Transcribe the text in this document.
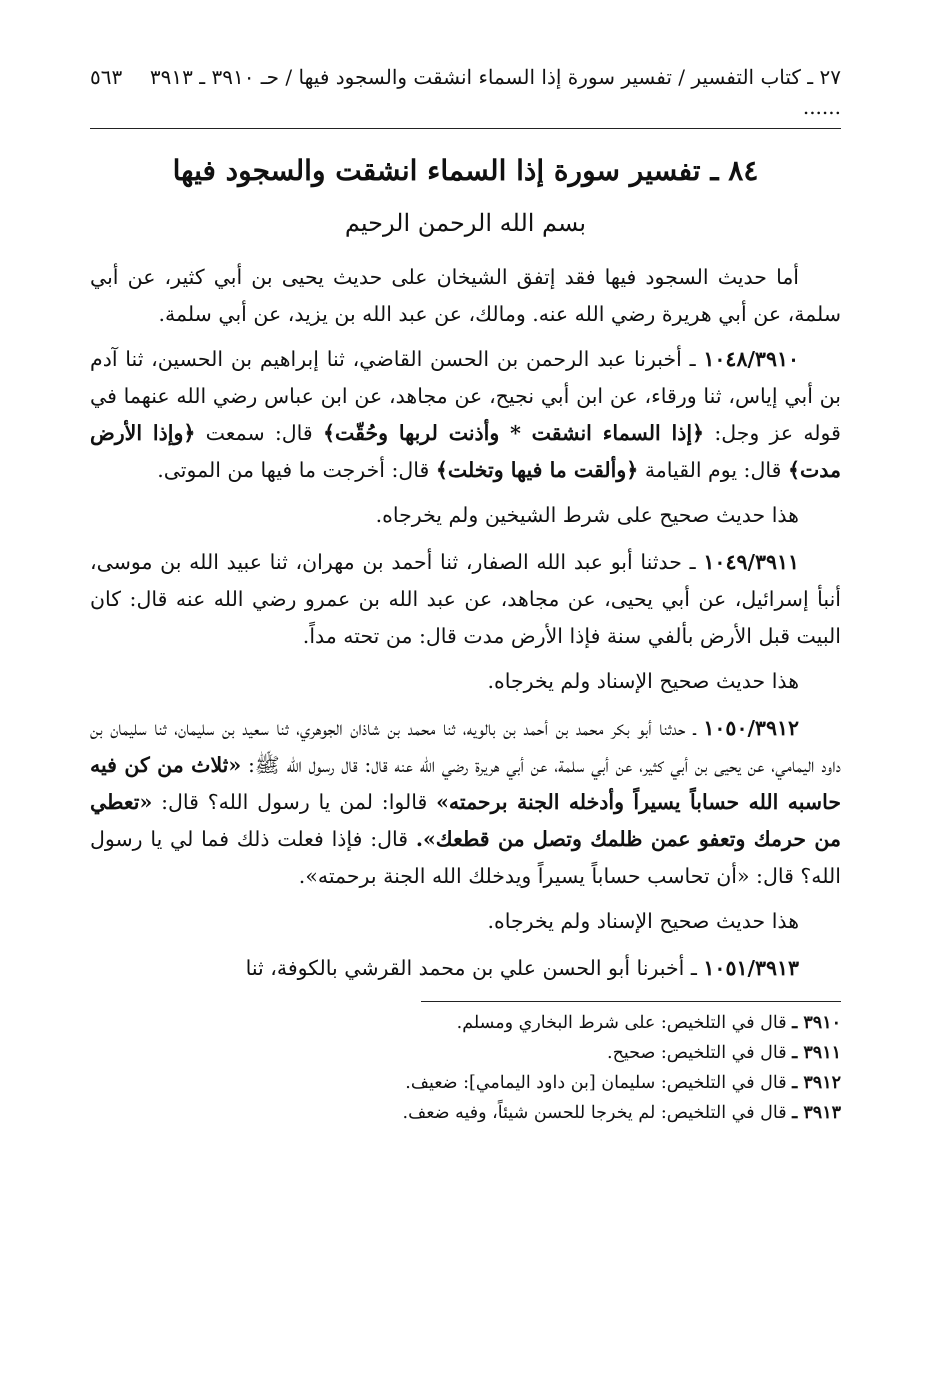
٢٧ ـ كتاب التفسير / تفسير سورة إذا السماء انشقت والسجود فيها / حـ ٣٩١٠ ـ ٣٩١٣ ......
٥٦٣
٨٤ ـ تفسير سورة إذا السماء انشقت والسجود فيها
بسم الله الرحمن الرحيم

أما حديث السجود فيها فقد إتفق الشيخان على حديث يحيى بن أبي كثير، عن أبي سلمة، عن أبي هريرة رضي الله عنه. ومالك، عن عبد الله بن يزيد، عن أبي سلمة.

١٠٤٨/٣٩١٠ ـ أخبرنا عبد الرحمن بن الحسن القاضي، ثنا إبراهيم بن الحسين، ثنا آدم بن أبي إياس، ثنا ورقاء، عن ابن أبي نجيح، عن مجاهد، عن ابن عباس رضي الله عنهما في قوله عز وجل: ﴿إذا السماء انشقت * وأذنت لربها وحُقّت﴾ قال: سمعت ﴿وإذا الأرض مدت﴾ قال: يوم القيامة ﴿وألقت ما فيها وتخلت﴾ قال: أخرجت ما فيها من الموتى.

هذا حديث صحيح على شرط الشيخين ولم يخرجاه.

١٠٤٩/٣٩١١ ـ حدثنا أبو عبد الله الصفار، ثنا أحمد بن مهران، ثنا عبيد الله بن موسى، أنبأ إسرائيل، عن أبي يحيى، عن مجاهد، عن عبد الله بن عمرو رضي الله عنه قال: كان البيت قبل الأرض بألفي سنة فإذا الأرض مدت قال: من تحته مداً.

هذا حديث صحيح الإسناد ولم يخرجاه.

١٠٥٠/٣٩١٢ ـ حدثنا أبو بكر محمد بن أحمد بن بالويه، ثنا محمد بن شاذان الجوهري، ثنا سعيد بن سليمان، ثنا سليمان بن داود اليمامي، عن يحيى بن أبي كثير، عن أبي سلمة، عن أبي هريرة رضي الله عنه قال: قال رسول الله ﷺ: «ثلاث من كن فيه حاسبه الله حساباً يسيراً وأدخله الجنة برحمته» قالوا: لمن يا رسول الله؟ قال: «تعطي من حرمك وتعفو عمن ظلمك وتصل من قطعك». قال: فإذا فعلت ذلك فما لي يا رسول الله؟ قال: «أن تحاسب حساباً يسيراً ويدخلك الله الجنة برحمته».

هذا حديث صحيح الإسناد ولم يخرجاه.

١٠٥١/٣٩١٣ ـ أخبرنا أبو الحسن علي بن محمد القرشي بالكوفة، ثنا

٣٩١٠ ـ قال في التلخيص: على شرط البخاري ومسلم.

٣٩١١ ـ قال في التلخيص: صحيح.

٣٩١٢ ـ قال في التلخيص: سليمان [بن داود اليمامي]: ضعيف.

٣٩١٣ ـ قال في التلخيص: لم يخرجا للحسن شيئاً، وفيه ضعف.
